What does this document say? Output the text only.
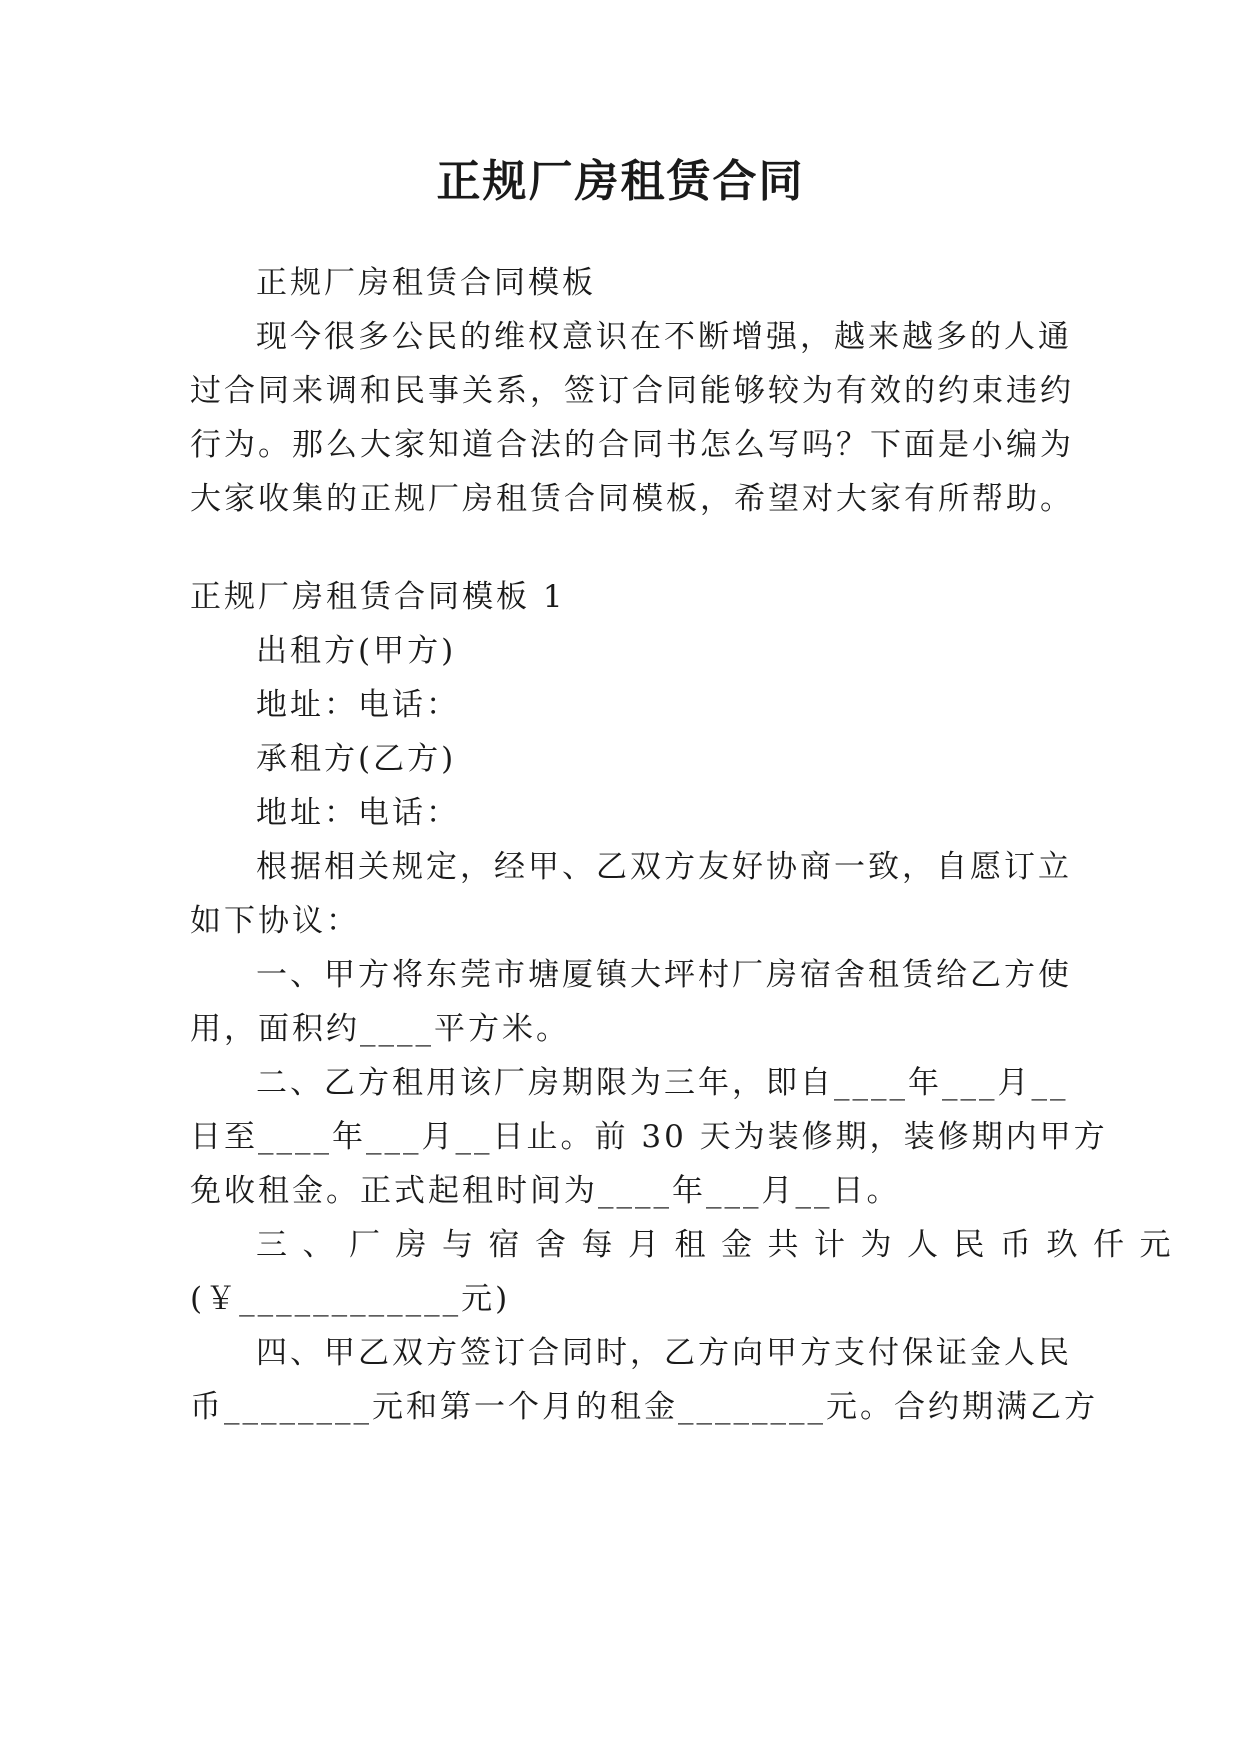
正规厂房租赁合同
正规厂房租赁合同模板
现今很多公民的维权意识在不断增强，越来越多的人通
过合同来调和民事关系，签订合同能够较为有效的约束违约
行为。那么大家知道合法的合同书怎么写吗？下面是小编为
大家收集的正规厂房租赁合同模板，希望对大家有所帮助。
正规厂房租赁合同模板 1
出租方(甲方)
地址：电话：
承租方(乙方)
地址：电话：
根据相关规定，经甲、乙双方友好协商一致，自愿订立
如下协议：
一、甲方将东莞市塘厦镇大坪村厂房宿舍租赁给乙方使
用，面积约____平方米。
二、乙方租用该厂房期限为三年，即自____年___月__
日至____年___月__日止。前 30 天为装修期，装修期内甲方
免收租金。正式起租时间为____年___月__日。
三、厂房与宿舍每月租金共计为人民币玖仟元
(￥____________元)
四、甲乙双方签订合同时，乙方向甲方支付保证金人民
币________元和第一个月的租金________元。合约期满乙方
